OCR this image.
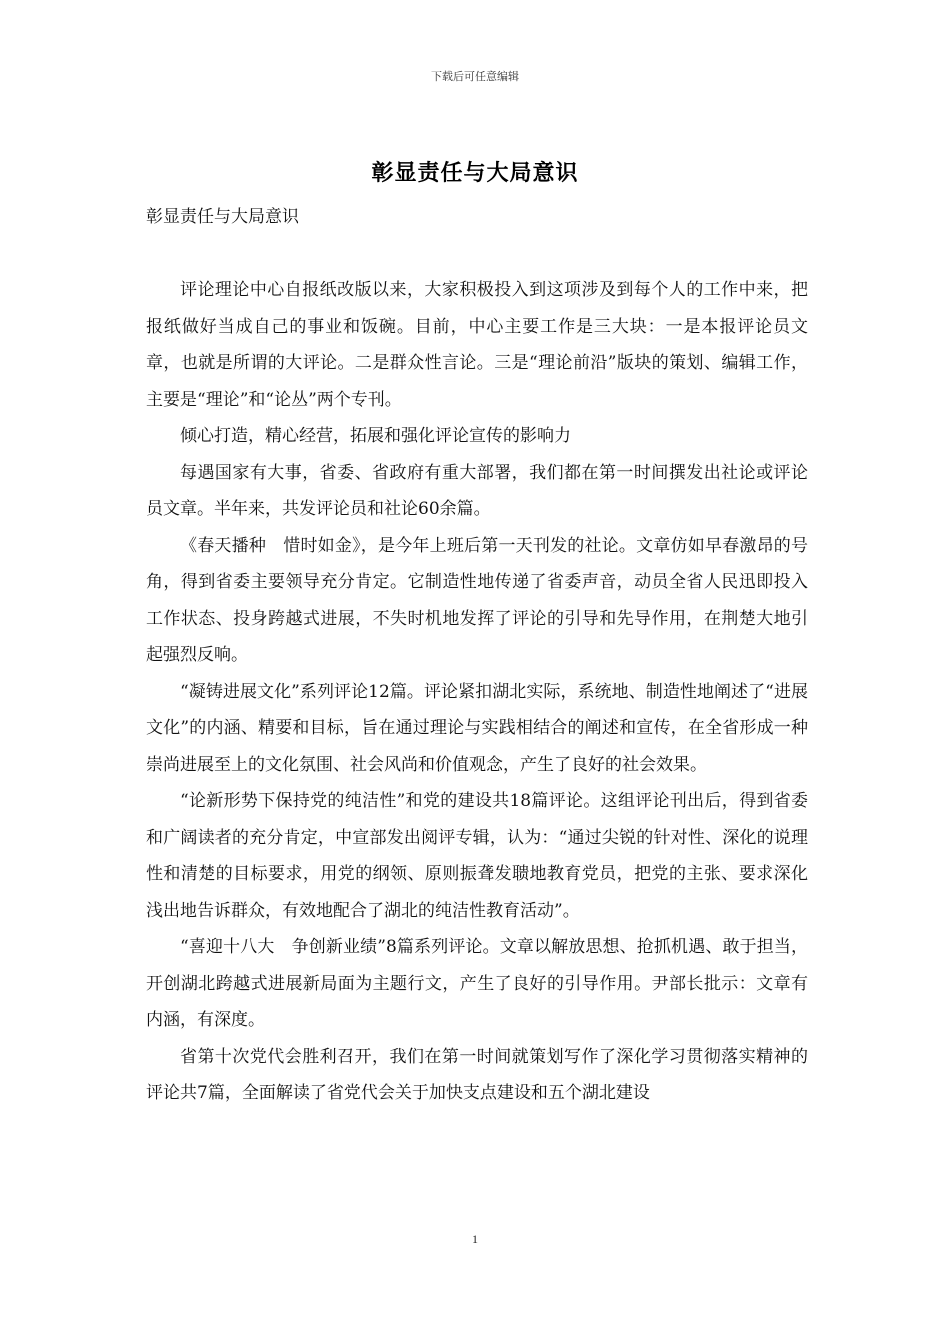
下载后可任意编辑
彰显责任与大局意识
彰显责任与大局意识

评论理论中心自报纸改版以来，大家积极投入到这项涉及到每个人的工作中来，把报纸做好当成自己的事业和饭碗。目前，中心主要工作是三大块：一是本报评论员文章，也就是所谓的大评论。二是群众性言论。三是“理论前沿”版块的策划、编辑工作，主要是“理论”和“论丛”两个专刊。

倾心打造，精心经营，拓展和强化评论宣传的影响力

每遇国家有大事，省委、省政府有重大部署，我们都在第一时间撰发出社论或评论员文章。半年来，共发评论员和社论60余篇。

《春天播种　惜时如金》，是今年上班后第一天刊发的社论。文章仿如早春激昂的号角，得到省委主要领导充分肯定。它制造性地传递了省委声音，动员全省人民迅即投入工作状态、投身跨越式进展，不失时机地发挥了评论的引导和先导作用，在荆楚大地引起强烈反响。

“凝铸进展文化”系列评论12篇。评论紧扣湖北实际，系统地、制造性地阐述了“进展文化”的内涵、精要和目标，旨在通过理论与实践相结合的阐述和宣传，在全省形成一种崇尚进展至上的文化氛围、社会风尚和价值观念，产生了良好的社会效果。

“论新形势下保持党的纯洁性”和党的建设共18篇评论。这组评论刊出后，得到省委和广阔读者的充分肯定，中宣部发出阅评专辑，认为：“通过尖锐的针对性、深化的说理性和清楚的目标要求，用党的纲领、原则振聋发聩地教育党员，把党的主张、要求深化浅出地告诉群众，有效地配合了湖北的纯洁性教育活动”。

“喜迎十八大　争创新业绩”8篇系列评论。文章以解放思想、抢抓机遇、敢于担当，开创湖北跨越式进展新局面为主题行文，产生了良好的引导作用。尹部长批示：文章有内涵，有深度。

省第十次党代会胜利召开，我们在第一时间就策划写作了深化学习贯彻落实精神的评论共7篇，全面解读了省党代会关于加快支点建设和五个湖北建设

1
